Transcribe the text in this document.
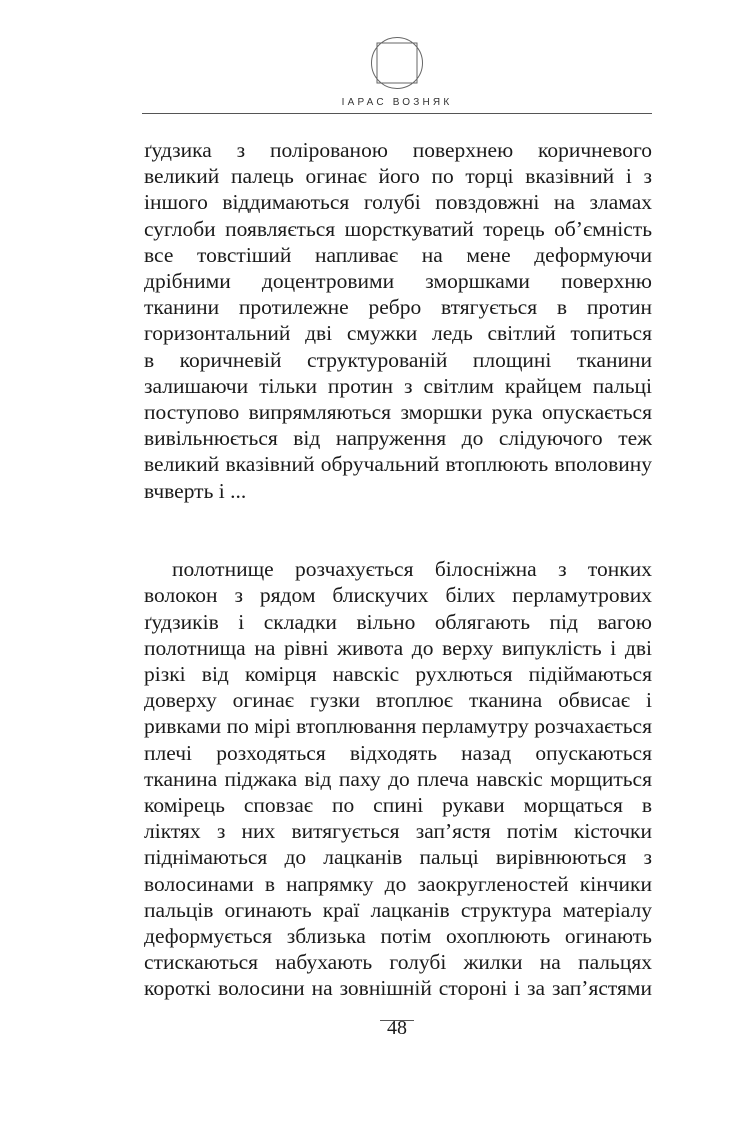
ІАРАС ВОЗНЯК
ґудзика з полірованою поверхнею коричневого
великий палець огинає його по торці вказівний і з
іншого віддимаються голубі повздовжні на зламах
суглоби появляється шорсткуватий торець об’ємність
все товстіший напливає на мене деформуючи
дрібними доцентровими зморшками поверхню
тканини протилежне ребро втягується в протин
горизонтальний дві смужки ледь світлий топиться
в коричневій структурованій площині тканини
залишаючи тільки протин з світлим крайцем пальці
поступово випрямляються зморшки рука опускається
вивільнюється від напруження до слідуючого теж
великий вказівний обручальний втоплюють вполовину
вчверть і ...
полотнище розчахується білосніжна з тонких
волокон з рядом блискучих білих перламутрових
ґудзиків і складки вільно облягають під вагою
полотнища на рівні живота до верху випуклість і дві
різкі від комірця навскіс рухлються підіймаються
доверху огинає гузки втоплює тканина обвисає і
ривками по мірі втоплювання перламутру розчахається
плечі розходяться відходять назад опускаються
тканина піджака від паху до плеча навскіс морщиться
комірець сповзає по спині рукави морщаться в
ліктях з них витягується зап’ястя потім кісточки
піднімаються до лацканів пальці вирівнюються з
волосинами в напрямку до заокругленостей кінчики
пальців огинають краї лацканів структура матеріалу
деформується зблизька потім охоплюють огинають
стискаються набухають голубі жилки на пальцях
короткі волосини на зовнішній стороні і за зап’ястями
48
